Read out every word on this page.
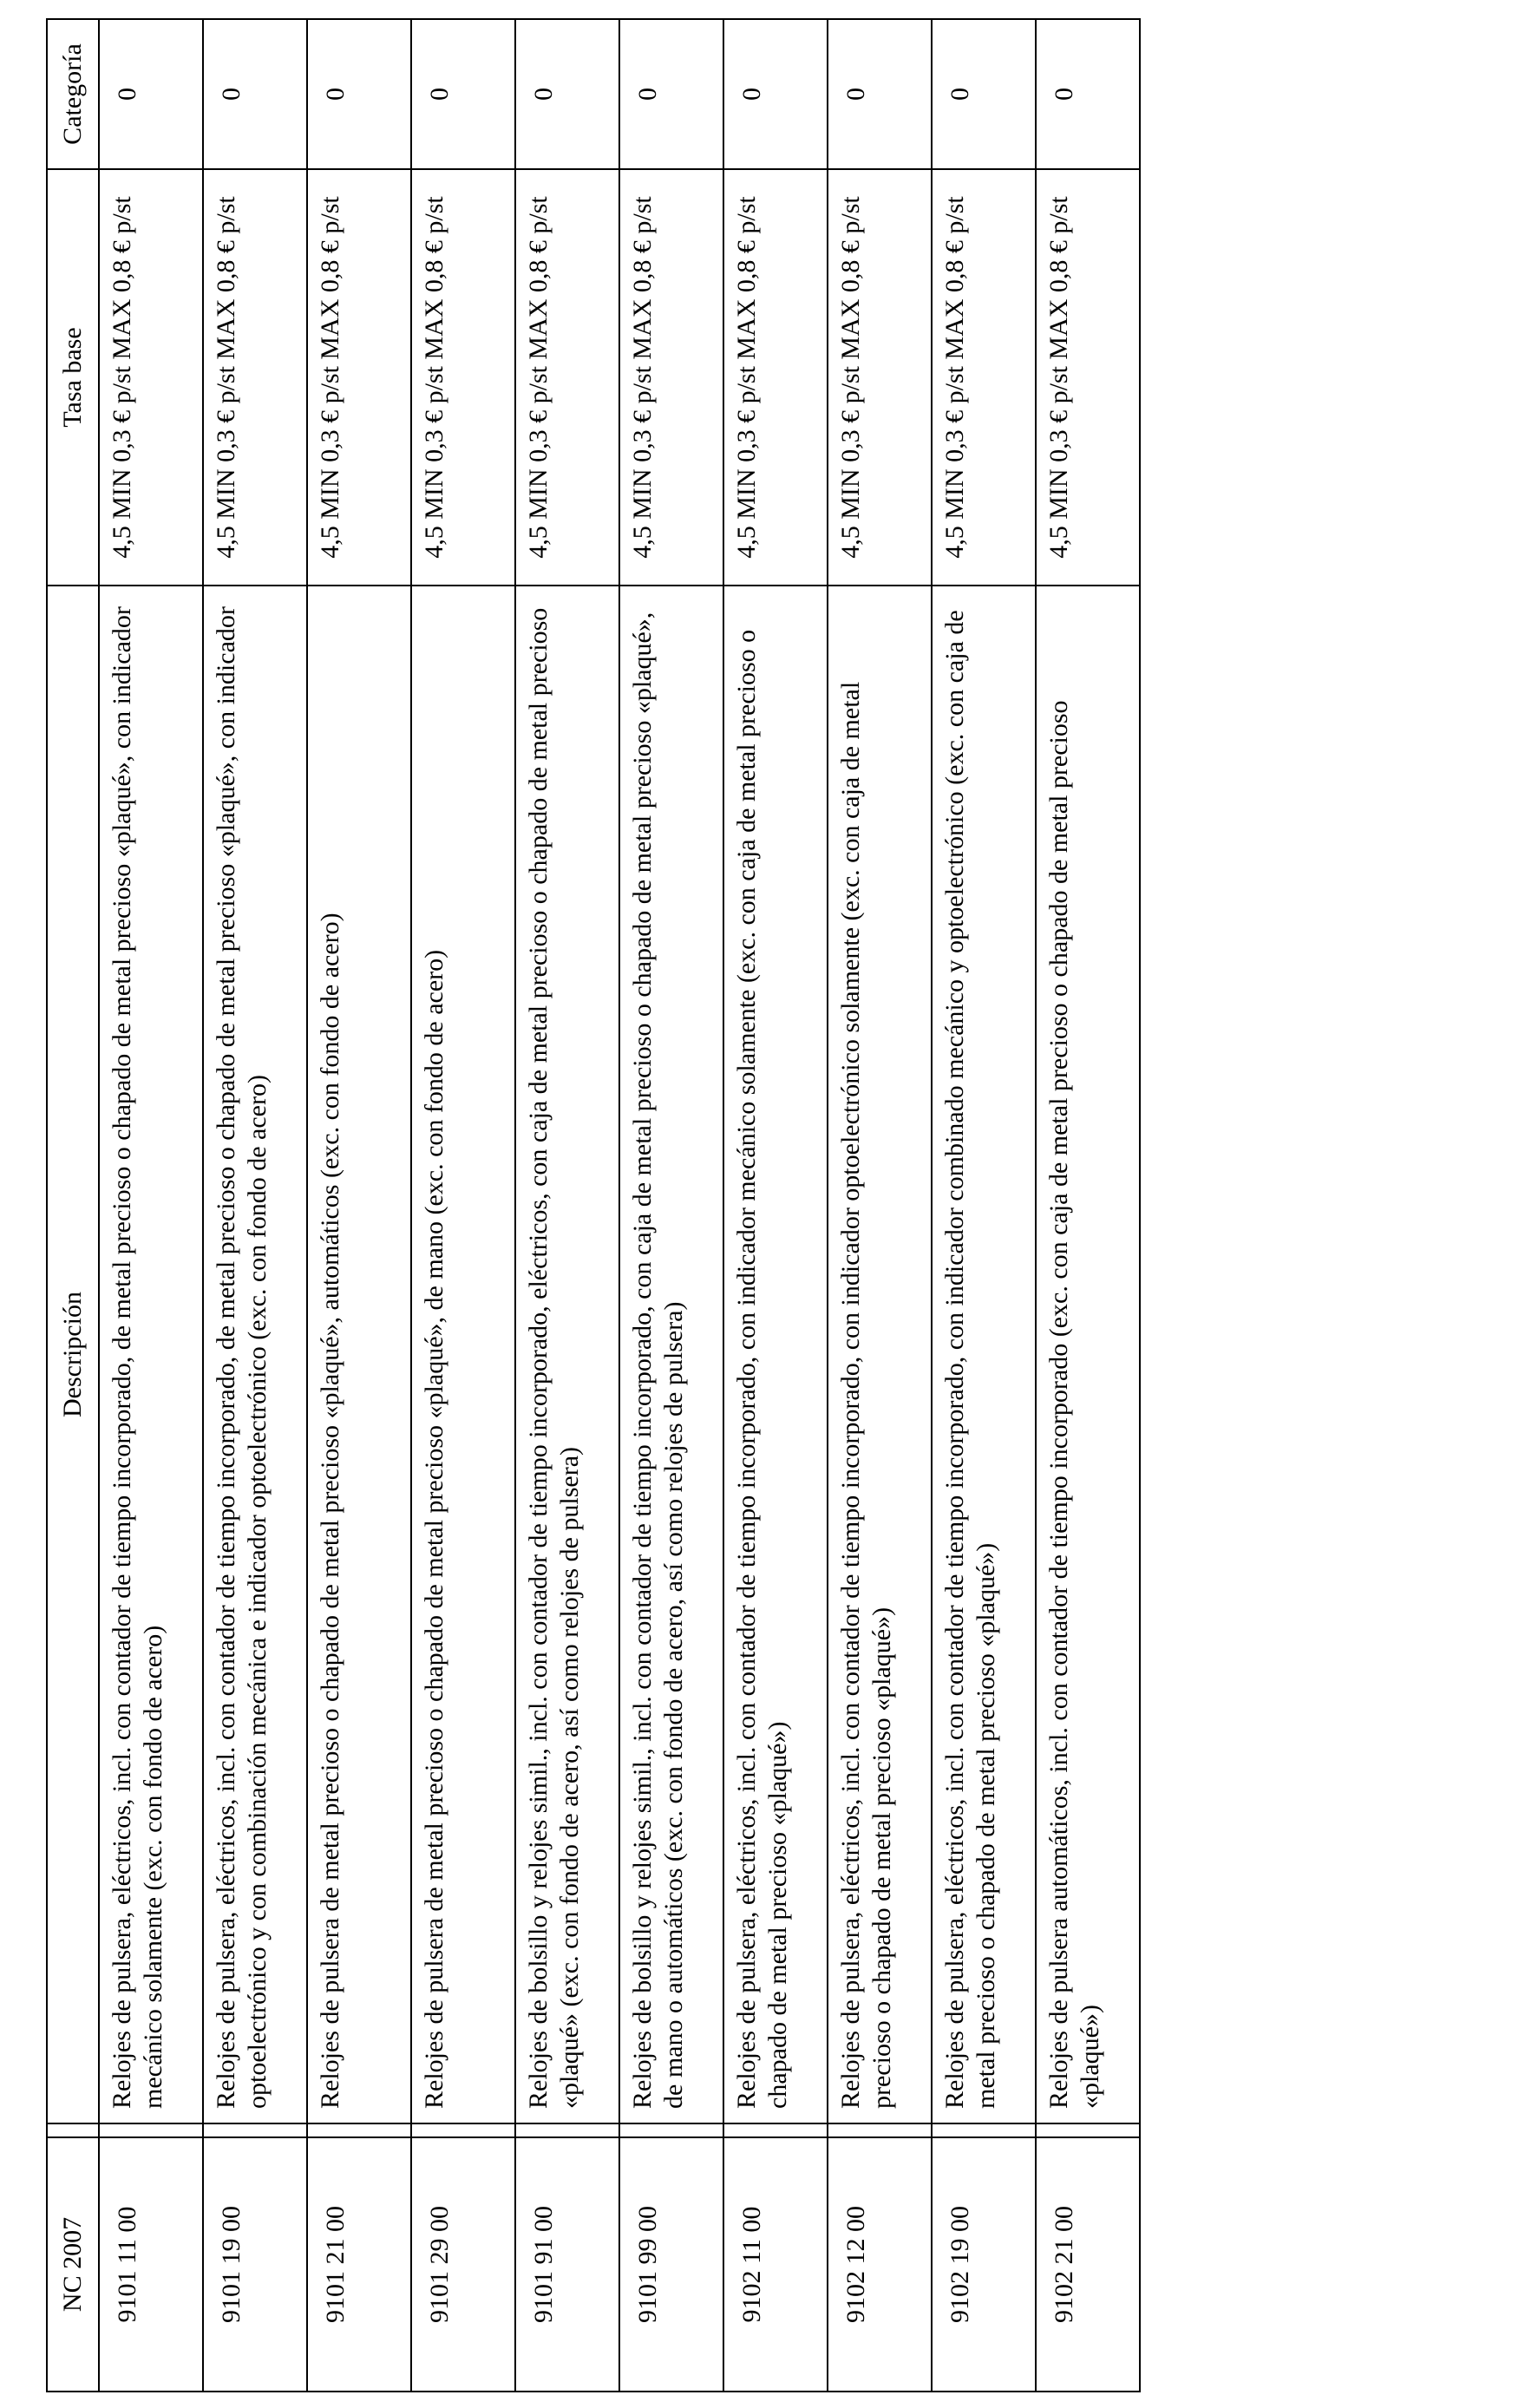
NC 2007		Descripción	Tasa base	Categoría
9101 11 00		Relojes de pulsera, eléctricos, incl. con contador de tiempo incorporado, de metal precioso o chapado de metal precioso «plaqué», con indicador mecánico solamente (exc. con fondo de acero)	4,5 MIN 0,3 € p/st MAX 0,8 € p/st	0
9101 19 00		Relojes de pulsera, eléctricos, incl. con contador de tiempo incorporado, de metal precioso o chapado de metal precioso «plaqué», con indicador optoelectrónico y con combinación mecánica e indicador optoelectrónico (exc. con fondo de acero)	4,5 MIN 0,3 € p/st MAX 0,8 € p/st	0
9101 21 00		Relojes de pulsera de metal precioso o chapado de metal precioso «plaqué», automáticos (exc. con fondo de acero)	4,5 MIN 0,3 € p/st MAX 0,8 € p/st	0
9101 29 00		Relojes de pulsera de metal precioso o chapado de metal precioso «plaqué», de mano (exc. con fondo de acero)	4,5 MIN 0,3 € p/st MAX 0,8 € p/st	0
9101 91 00		Relojes de bolsillo y relojes simil., incl. con contador de tiempo incorporado, eléctricos, con caja de metal precioso o chapado de metal precioso «plaqué» (exc. con fondo de acero, así como relojes de pulsera)	4,5 MIN 0,3 € p/st MAX 0,8 € p/st	0
9101 99 00		Relojes de bolsillo y relojes simil., incl. con contador de tiempo incorporado, con caja de metal precioso o chapado de metal precioso «plaqué», de mano o automáticos (exc. con fondo de acero, así como relojes de pulsera)	4,5 MIN 0,3 € p/st MAX 0,8 € p/st	0
9102 11 00		Relojes de pulsera, eléctricos, incl. con contador de tiempo incorporado, con indicador mecánico solamente (exc. con caja de metal precioso o chapado de metal precioso «plaqué»)	4,5 MIN 0,3 € p/st MAX 0,8 € p/st	0
9102 12 00		Relojes de pulsera, eléctricos, incl. con contador de tiempo incorporado, con indicador optoelectrónico solamente (exc. con caja de metal precioso o chapado de metal precioso «plaqué»)	4,5 MIN 0,3 € p/st MAX 0,8 € p/st	0
9102 19 00		Relojes de pulsera, eléctricos, incl. con contador de tiempo incorporado, con indicador combinado mecánico y optoelectrónico (exc. con caja de metal precioso o chapado de metal precioso «plaqué»)	4,5 MIN 0,3 € p/st MAX 0,8 € p/st	0
9102 21 00		Relojes de pulsera automáticos, incl. con contador de tiempo incorporado (exc. con caja de metal precioso o chapado de metal precioso «plaqué»)	4,5 MIN 0,3 € p/st MAX 0,8 € p/st	0
